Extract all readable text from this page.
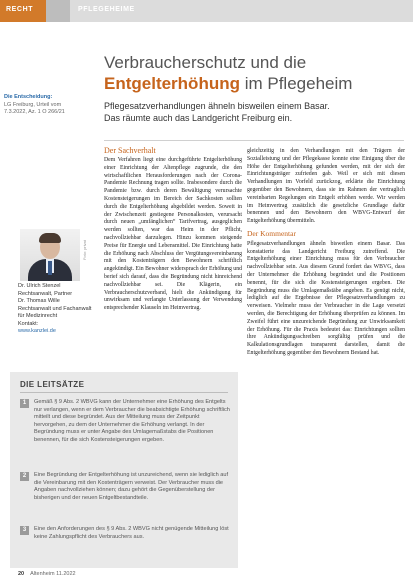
RECHT	PFLEGEHEIME
Verbraucherschutz und die
Entgelterhöhung im Pflegeheim
Pflegesatzverhandlungen ähneln bisweilen einem Basar.
Das räumte auch das Landgericht Freiburg ein.
Die Entscheidung:
LG Freiburg, Urteil vom 7.3.2022, Az. 1 O 266/21
Foto: privat
Dr. Ulrich Stenzel
Rechtsanwalt, Partner
Dr. Thomas Wille
Rechtsanwalt und Fachanwalt
für Medizinrecht
Kontakt:
www.kanzlei.de
Der Sachverhalt

Dem Verfahren liegt eine durchgeführte Entgelterhöhung einer Einrichtung der Altenpflege zugrunde, die den wirtschaftlichen Herausforderungen nach der Corona-Pandemie Rechnung tragen sollte. Insbesondere durch die Pandemie bzw. durch deren Bewältigung verursachte Kostensteigerungen im Bereich der Sachkosten sollten durch die Entgelterhöhung abgebildet werden. Soweit in der Zwischenzeit gestiegene Personalkosten, verursacht durch neuen „umfänglichen“ Tarifvertrag, ausgeglichen werden sollten, war das Heim in der Pflicht, nachvollziehbar darzulegen. Hinzu kommen steigende Preise für Energie und Lebensmittel. Die Einrichtung hatte die Erhöhung nach Abschluss der Vergütungsvereinbarung mit den Kostenträgern den Bewohnern schriftlich angekündigt. Ein Bewohner widersprach der Erhöhung und berief sich darauf, dass die Begründung nicht hinreichend nachvollziehbar sei. Die Klägerin, ein Verbraucherschutzverband, hielt die Ankündigung für unwirksam und verlangte Unterlassung der Verwendung entsprechender Klauseln im Heimvertrag.

gleichzeitig in den Verhandlungen mit den Trägern der Sozialleistung und der Pflegekasse konnte eine Einigung über die Höhe der Entgelterhöhung gefunden werden, mit der sich der Einrichtungsträger zufrieden gab. Weil er sich mit diesen Verhandlungen im Vorfeld zurückzog, erklärte die Einrichtung gegenüber den Bewohnern, dass sie im Rahmen der vertraglich vereinbarten Regelungen ein Entgelt erhöhen werde. Wir werden im Heimvertrag zusätzlich die gesetzliche Grundlage dafür benennen und den Bewohnern den WBVG-Entwurf der Entgelterhöhung übermitteln.

Der Kommentar

Pflegesatzverhandlungen ähneln bisweilen einem Basar. Das konstatierte das Landgericht Freiburg zutreffend. Die Entgelterhöhung einer Einrichtung muss für den Verbraucher nachvollziehbar sein. Aus diesem Grund fordert das WBVG, dass der Unternehmer die Erhöhung begründet und die Positionen benennt, für die sich die Kostensteigerungen ergeben. Die Begründung muss die Umlagemaßstäbe angeben. Es genügt nicht, lediglich auf die Ergebnisse der Pflegesatzverhandlungen zu verweisen. Vielmehr muss der Verbraucher in die Lage versetzt werden, die Berechtigung der Erhöhung überprüfen zu können. Im Zweifel führt eine unzureichende Begründung zur Unwirksamkeit der Erhöhung. Für die Praxis bedeutet das: Einrichtungen sollten ihre Ankündigungsschreiben sorgfältig prüfen und die Kalkulationsgrundlagen transparent darstellen, damit die Entgelterhöhung gegenüber den Bewohnern Bestand hat.

DIE LEITSÄTZE
1	Gemäß § 9 Abs. 2 WBVG kann der Unternehmer eine Erhöhung des Entgelts nur verlangen, wenn er dem Verbraucher die beabsichtigte Erhöhung schriftlich mitteilt und diese begründet. Aus der Mitteilung muss der Zeitpunkt hervorgehen, zu dem der Unternehmer die Erhöhung verlangt. In der Begründung muss er unter Angabe des Umlagemaßstabs die Positionen benennen, für die sich Kostensteigerungen ergeben.
2	Eine Begründung der Entgelterhöhung ist unzureichend, wenn sie lediglich auf die Vereinbarung mit den Kostenträgern verweist. Der Verbraucher muss die Angaben nachvollziehen können; dazu gehört die Gegenüberstellung der bisherigen und der neuen Entgeltbestandteile.
3	Eine den Anforderungen des § 9 Abs. 2 WBVG nicht genügende Mitteilung löst keine Zahlungspflicht des Verbrauchers aus.
20 Altenheim 11.2022
